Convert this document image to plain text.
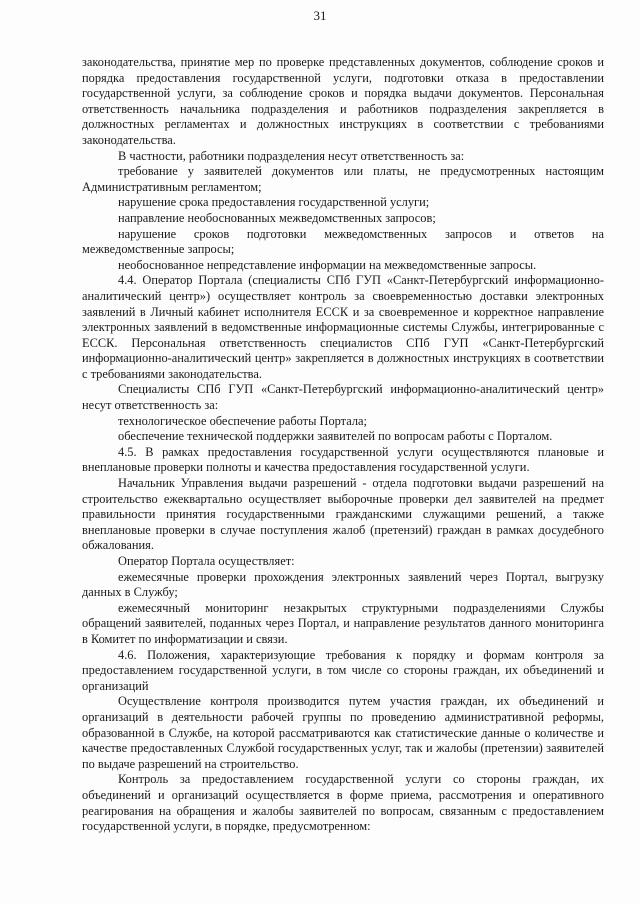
31

законодательства, принятие мер по проверке представленных документов, соблюдение сроков и порядка предоставления государственной услуги, подготовки отказа в предоставлении государственной услуги, за соблюдение сроков и порядка выдачи документов. Персональная ответственность начальника подразделения и работников подразделения закрепляется в должностных регламентах и должностных инструкциях в соответствии с требованиями законодательства.

В частности, работники подразделения несут ответственность за:

требование у заявителей документов или платы, не предусмотренных настоящим Административным регламентом;

нарушение срока предоставления государственной услуги;

направление необоснованных межведомственных запросов;

нарушение сроков подготовки межведомственных запросов и ответов на межведомственные запросы;

необоснованное непредставление информации на межведомственные запросы.

4.4. Оператор Портала (специалисты СПб ГУП «Санкт-Петербургский информационно-аналитический центр») осуществляет контроль за своевременностью доставки электронных заявлений в Личный кабинет исполнителя ЕССК и за своевременное и корректное направление электронных заявлений в ведомственные информационные системы Службы, интегрированные с ЕССК. Персональная ответственность специалистов СПб ГУП «Санкт-Петербургский информационно-аналитический центр» закрепляется в должностных инструкциях в соответствии с требованиями законодательства.

Специалисты СПб ГУП «Санкт-Петербургский информационно-аналитический центр» несут ответственность за:

технологическое обеспечение работы Портала;

обеспечение технической поддержки заявителей по вопросам работы с Порталом.

4.5. В рамках предоставления государственной услуги осуществляются плановые и внеплановые проверки полноты и качества предоставления государственной услуги.

Начальник Управления выдачи разрешений - отдела подготовки выдачи разрешений на строительство ежеквартально осуществляет выборочные проверки дел заявителей на предмет правильности принятия государственными гражданскими служащими решений, а также внеплановые проверки в случае поступления жалоб (претензий) граждан в рамках досудебного обжалования.

Оператор Портала осуществляет:

ежемесячные проверки прохождения электронных заявлений через Портал, выгрузку данных в Службу;

ежемесячный мониторинг незакрытых структурными подразделениями Службы обращений заявителей, поданных через Портал, и направление результатов данного мониторинга в Комитет по информатизации и связи.

4.6. Положения, характеризующие требования к порядку и формам контроля за предоставлением государственной услуги, в том числе со стороны граждан, их объединений и организаций

Осуществление контроля производится путем участия граждан, их объединений и организаций в деятельности рабочей группы по проведению административной реформы, образованной в Службе, на которой рассматриваются как статистические данные о количестве и качестве предоставленных Службой государственных услуг, так и жалобы (претензии) заявителей по выдаче разрешений на строительство.

Контроль за предоставлением государственной услуги со стороны граждан, их объединений и организаций осуществляется в форме приема, рассмотрения и оперативного реагирования на обращения и жалобы заявителей по вопросам, связанным с предоставлением государственной услуги, в порядке, предусмотренном:
